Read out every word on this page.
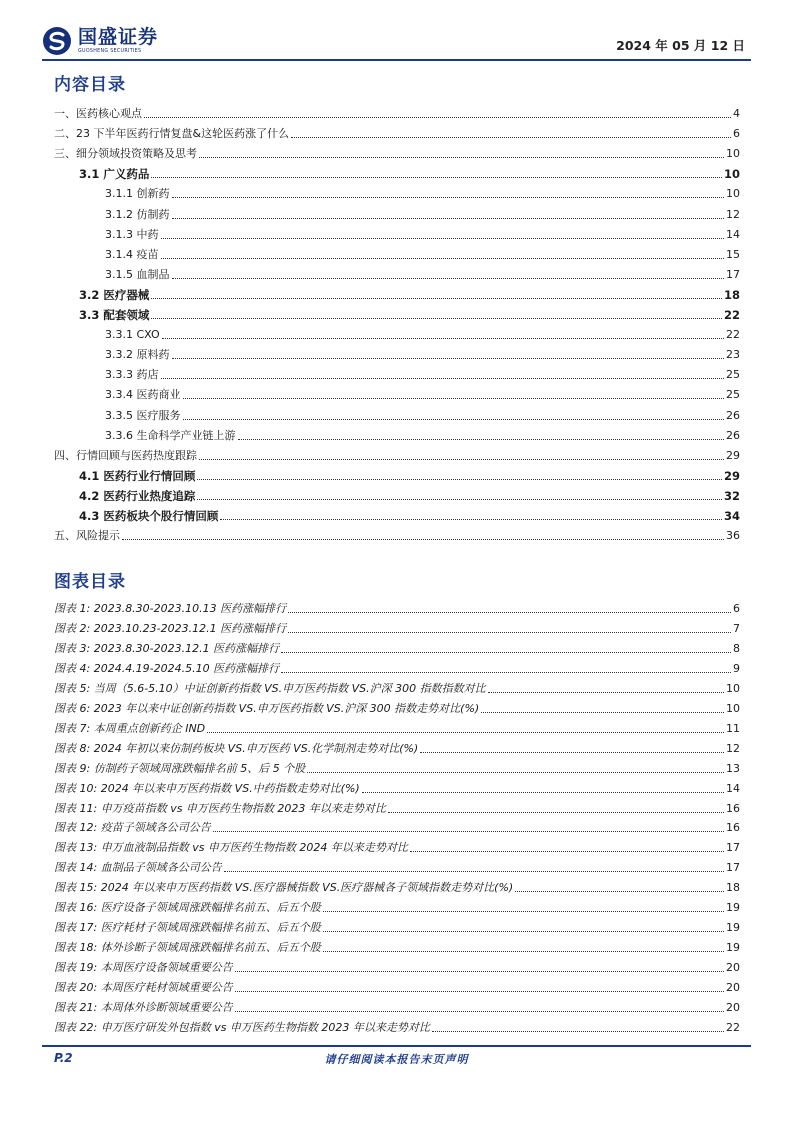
国盛证券
GUOSHENG SECURITIES	2024 年 05 月 12 日
内容目录
一、医药核心观点	4
二、23 下半年医药行情复盘&这轮医药涨了什么	6
三、细分领域投资策略及思考	10
3.1 广义药品	10
3.1.1 创新药	10
3.1.2 仿制药	12
3.1.3 中药	14
3.1.4 疫苗	15
3.1.5 血制品	17
3.2 医疗器械	18
3.3 配套领域	22
3.3.1 CXO	22
3.3.2 原料药	23
3.3.3 药店	25
3.3.4 医药商业	25
3.3.5 医疗服务	26
3.3.6 生命科学产业链上游	26
四、行情回顾与医药热度跟踪	29
4.1 医药行业行情回顾	29
4.2 医药行业热度追踪	32
4.3 医药板块个股行情回顾	34
五、风险提示	36
图表目录
图表 1: 2023.8.30-2023.10.13 医药涨幅排行	6
图表 2: 2023.10.23-2023.12.1 医药涨幅排行	7
图表 3: 2023.8.30-2023.12.1 医药涨幅排行	8
图表 4: 2024.4.19-2024.5.10 医药涨幅排行	9
图表 5: 当周（5.6-5.10）中证创新药指数 VS.申万医药指数 VS.沪深 300 指数指数对比	10
图表 6: 2023 年以来中证创新药指数 VS.申万医药指数 VS.沪深 300 指数走势对比(%)	10
图表 7: 本周重点创新药企 IND	11
图表 8: 2024 年初以来仿制药板块 VS.申万医药 VS.化学制剂走势对比(%)	12
图表 9: 仿制药子领域周涨跌幅排名前 5、后 5 个股	13
图表 10: 2024 年以来申万医药指数 VS.中药指数走势对比(%)	14
图表 11: 申万疫苗指数 vs 申万医药生物指数 2023 年以来走势对比	16
图表 12: 疫苗子领域各公司公告	16
图表 13: 申万血液制品指数 vs 申万医药生物指数 2024 年以来走势对比	17
图表 14: 血制品子领域各公司公告	17
图表 15: 2024 年以来申万医药指数 VS.医疗器械指数 VS.医疗器械各子领域指数走势对比(%)	18
图表 16: 医疗设备子领域周涨跌幅排名前五、后五个股	19
图表 17: 医疗耗材子领域周涨跌幅排名前五、后五个股	19
图表 18: 体外诊断子领域周涨跌幅排名前五、后五个股	19
图表 19: 本周医疗设备领域重要公告	20
图表 20: 本周医疗耗材领域重要公告	20
图表 21: 本周体外诊断领域重要公告	20
图表 22: 申万医疗研发外包指数 vs 申万医药生物指数 2023 年以来走势对比	22
P.2	请仔细阅读本报告末页声明
